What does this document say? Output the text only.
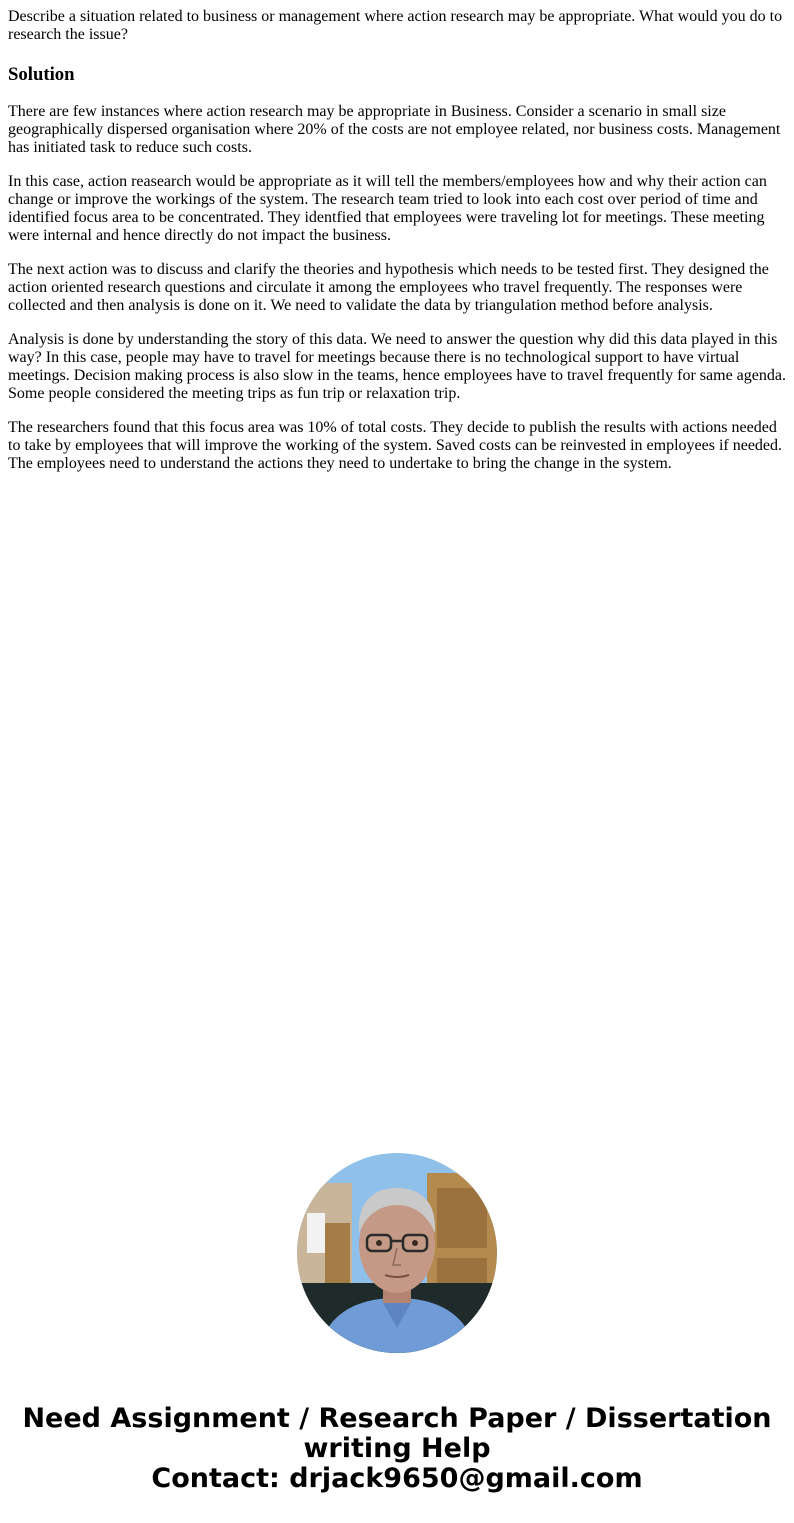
Describe a situation related to business or management where action research may be appropriate. What would you do to research the issue?
Solution

There are few instances where action research may be appropriate in Business. Consider a scenario in small size geographically dispersed organisation where 20% of the costs are not employee related, nor business costs. Management has initiated task to reduce such costs.

In this case, action reasearch would be appropriate as it will tell the members/employees how and why their action can change or improve the workings of the system. The research team tried to look into each cost over period of time and identified focus area to be concentrated. They identfied that employees were traveling lot for meetings. These meeting were internal and hence directly do not impact the business.

The next action was to discuss and clarify the theories and hypothesis which needs to be tested first. They designed the action oriented research questions and circulate it among the employees who travel frequently. The responses were collected and then analysis is done on it. We need to validate the data by triangulation method before analysis.

Analysis is done by understanding the story of this data. We need to answer the question why did this data played in this way? In this case, people may have to travel for meetings because there is no technological support to have virtual meetings. Decision making process is also slow in the teams, hence employees have to travel frequently for same agenda. Some people considered the meeting trips as fun trip or relaxation trip.

The researchers found that this focus area was 10% of total costs. They decide to publish the results with actions needed to take by employees that will improve the working of the system. Saved costs can be reinvested in employees if needed. The employees need to understand the actions they need to undertake to bring the change in the system.

Need Assignment / Research Paper / Dissertation
writing Help
Contact: drjack9650@gmail.com
